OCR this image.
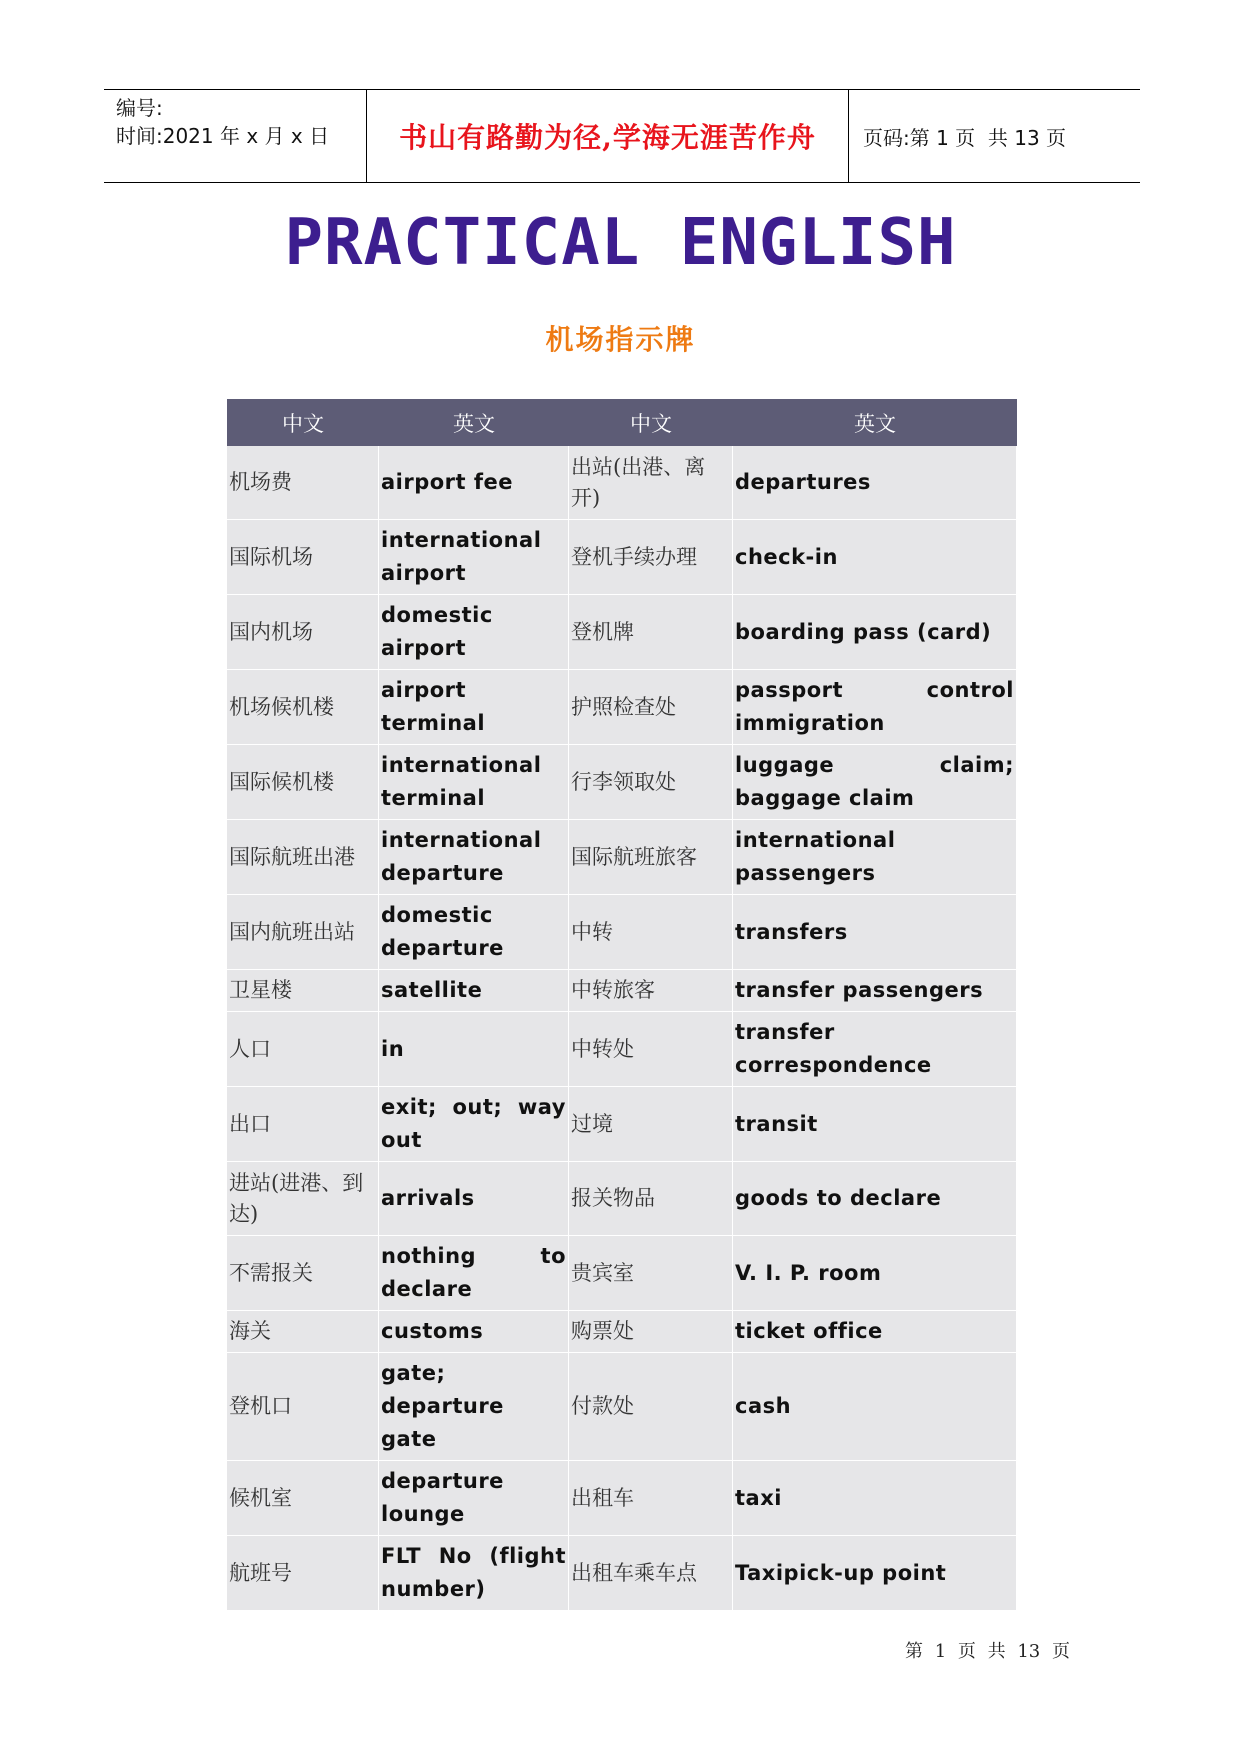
编号:
时间:2021 年 x 月 x 日	书山有路勤为径,学海无涯苦作舟 页码:第 1 页  共 13 页
PRACTICAL ENGLISH
机场指示牌
中文	英文	中文	英文
机场费	airport fee	出站(出港、离开)	departures
国际机场	international airport	登机手续办理	check-in
国内机场	domestic airport	登机牌	boarding pass (card)
机场候机楼	airport terminal	护照检查处	passport control immigration
国际候机楼	international terminal	行李领取处	luggage claim; baggage claim
国际航班出港	international departure	国际航班旅客	international passengers
国内航班出站	domestic departure	中转	transfers
卫星楼	satellite	中转旅客	transfer passengers
人口	in	中转处	transfer correspondence
出口	exit; out; way out	过境	transit
进站(进港、到达)	arrivals	报关物品	goods to declare
不需报关	nothing to declare	贵宾室	V. I. P. room
海关	customs	购票处	ticket office
登机口	gate; departure gate	付款处	cash
候机室	departure lounge	出租车	taxi
航班号	FLT No (flight number)	出租车乘车点	Taxipick-up point
第 1 页 共 13 页
